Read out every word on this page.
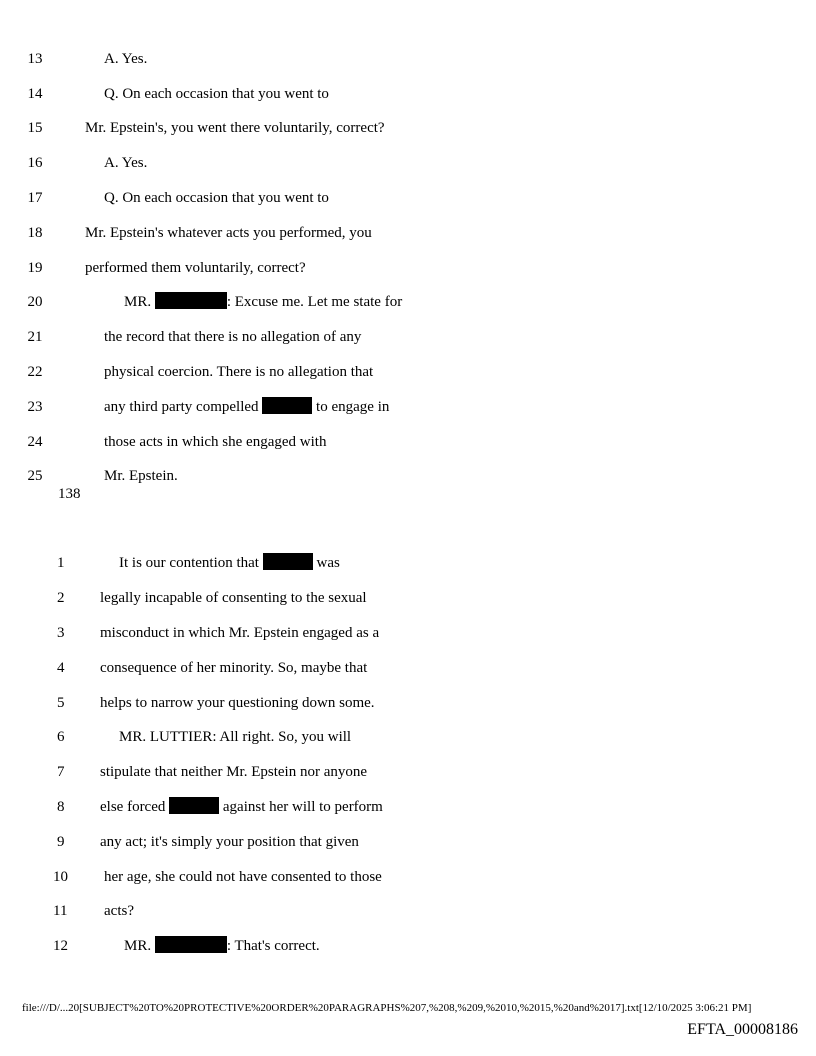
13	A. Yes.
14	Q. On each occasion that you went to
15	Mr. Epstein's, you went there voluntarily, correct?
16	A. Yes.
17	Q. On each occasion that you went to
18	Mr. Epstein's whatever acts you performed, you
19	performed them voluntarily, correct?
20	MR.	: Excuse me. Let me state for
21	the record that there is no allegation of any
22	physical coercion. There is no allegation that
23	any third party compelled	to engage in
24	those acts in which she engaged with
25	Mr. Epstein.
138
1	It is our contention that	was
2	legally incapable of consenting to the sexual
3	misconduct in which Mr. Epstein engaged as a
4	consequence of her minority. So, maybe that
5	helps to narrow your questioning down some.
6	MR. LUTTIER: All right. So, you will
7	stipulate that neither Mr. Epstein nor anyone
8	else forced	against her will to perform
9	any act; it's simply your position that given
10	her age, she could not have consented to those
11	acts?
12	MR.	: That's correct.
file:///D/...20[SUBJECT%20TO%20PROTECTIVE%20ORDER%20PARAGRAPHS%207,%208,%209,%2010,%2015,%20and%2017].txt[12/10/2025 3:06:21 PM]
EFTA_00008186
